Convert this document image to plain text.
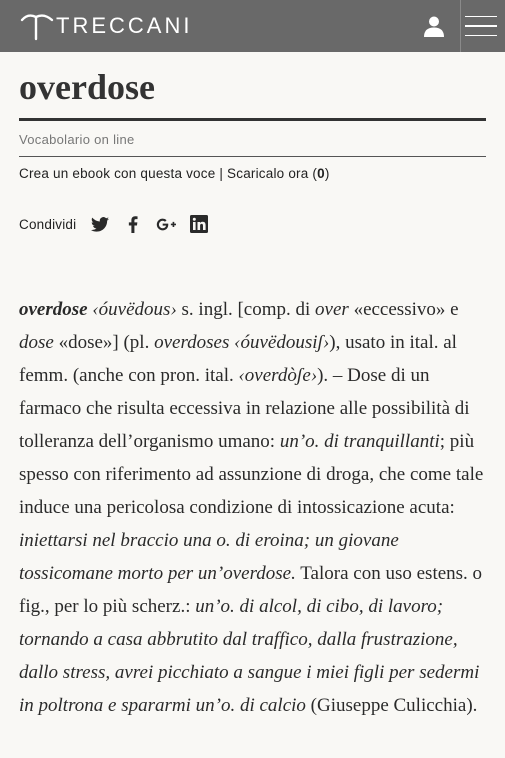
TRECCANI
overdose
Vocabolario on line
Crea un ebook con questa voce | Scaricalo ora (0)
Condividi
overdose ‹óuvëdous› s. ingl. [comp. di over «eccessivo» e dose «dose»] (pl. overdoses ‹óuvëdousiʃ›), usato in ital. al femm. (anche con pron. ital. ‹overdòʃe›). – Dose di un farmaco che risulta eccessiva in relazione alle possibilità di tolleranza dell’organismo umano: un’o. di tranquillanti; più spesso con riferimento ad assunzione di droga, che come tale induce una pericolosa condizione di intossicazione acuta: iniettarsi nel braccio una o. di eroina; un giovane tossicomane morto per un’overdose. Talora con uso estens. o fig., per lo più scherz.: un’o. di alcol, di cibo, di lavoro; tornando a casa abbrutito dal traffico, dalla frustrazione, dallo stress, avrei picchiato a sangue i miei figli per sedermi in poltrona e spararmi un’o. di calcio (Giuseppe Culicchia).
